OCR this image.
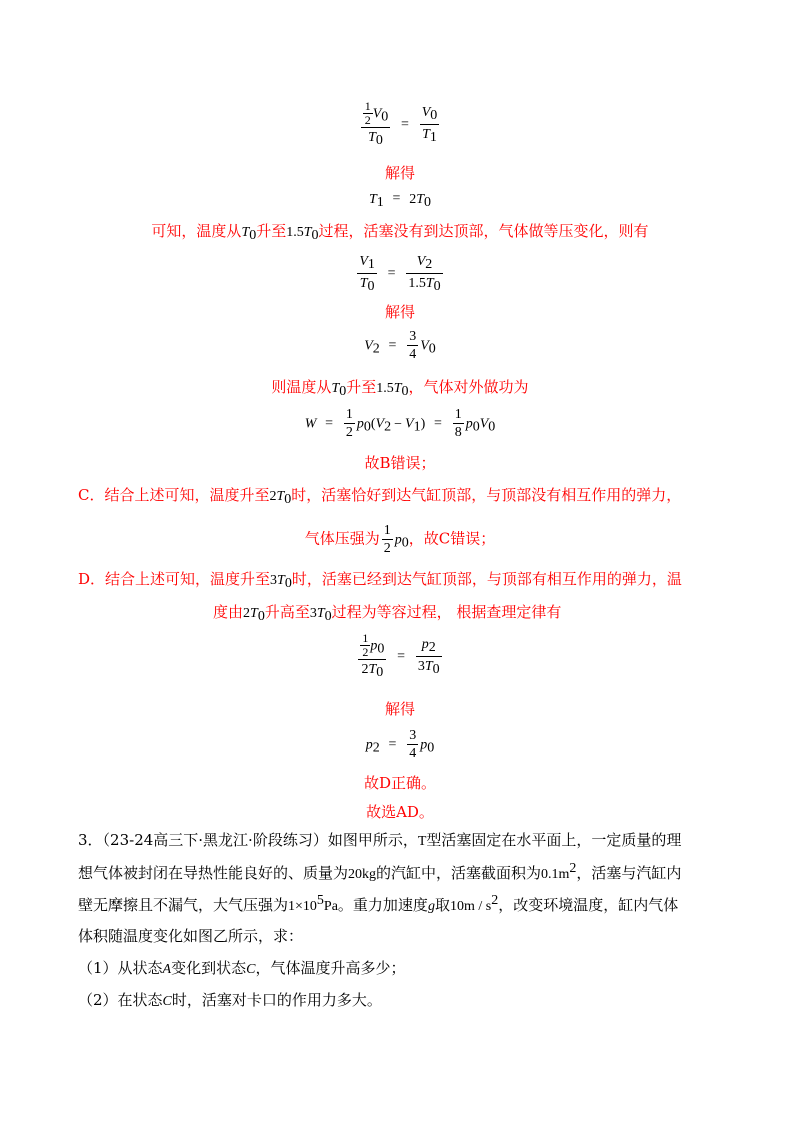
$\frac{\frac{1}{2} V_0}{T_0} = \frac{V_0}{T_1}$
解得
$T_1 = 2T_0$
可知，温度从$T_0$升至$1.5T_0$过程，活塞没有到达顶部，气体做等压变化，则有
$\frac{V_1}{T_0} = \frac{V_2}{1.5T_0}$
解得
$V_2 = \frac{3}{4} V_0$
则温度从$T_0$升至$1.5T_0$，气体对外做功为
$W = \frac{1}{2} p_0(V_2 - V_1) = \frac{1}{8} p_0V_0$
故B错误；
C．结合上述可知，温度升至$2T_0$时，活塞恰好到达气缸顶部，与顶部没有相互作用的弹力，
气体压强为 $\frac{1}{2} p_0$，故C错误；
D．结合上述可知，温度升至$3T_0$时，活塞已经到达气缸顶部，与顶部有相互作用的弹力，温
度由$2T_0$升高至$3T_0$过程为等容过程， 根据查理定律有
$\frac{\frac{1}{2} p_0}{2T_0} = \frac{p_2}{3T_0}$
解得
$p_2 = \frac{3}{4} p_0$
故D正确。
故选AD。
3．（23-24高三下·黑龙江·阶段练习）如图甲所示，T型活塞固定在水平面上，一定质量的理
想气体被封闭在导热性能良好的、质量为20kg的汽缸中，活塞截面积为$0.1m^2$，活塞与汽缸内
壁无摩擦且不漏气，大气压强为$1\times 10^5Pa$。重力加速度g取$10m / s^2$，改变环境温度，缸内气体
体积随温度变化如图乙所示，求：
（1）从状态A变化到状态C，气体温度升高多少；
（2）在状态C时，活塞对卡口的作用力多大。
